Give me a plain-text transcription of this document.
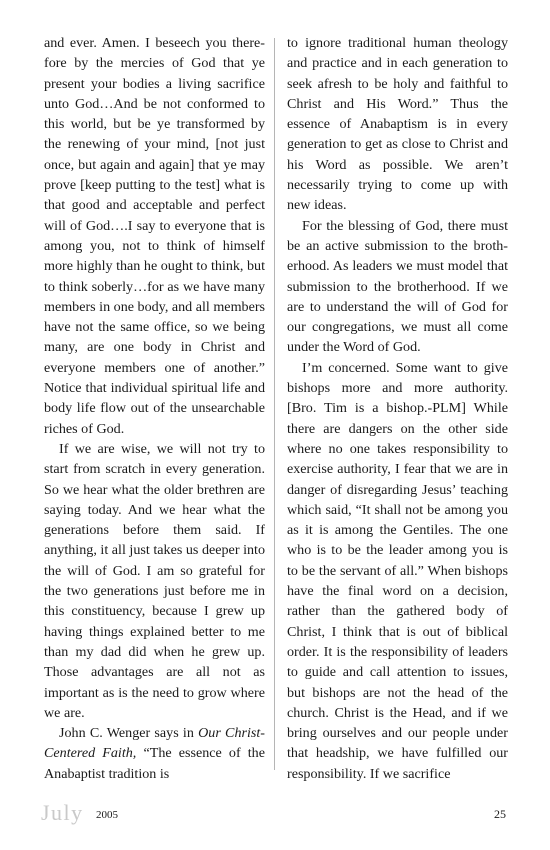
and ever. Amen. I beseech you therefore by the mercies of God that ye present your bodies a living sacrifice unto God…And be not conformed to this world, but be ye transformed by the renewing of your mind, [not just once, but again and again] that ye may prove [keep putting to the test] what is that good and acceptable and perfect will of God….I say to everyone that is among you, not to think of himself more highly than he ought to think, but to think soberly…for as we have many members in one body, and all members have not the same office, so we being many, are one body in Christ and everyone members one of another.” Notice that individual spiritual life and body life flow out of the unsearchable riches of God.

If we are wise, we will not try to start from scratch in every generation. So we hear what the older brethren are saying today. And we hear what the generations before them said. If anything, it all just takes us deeper into the will of God. I am so grateful for the two generations just before me in this constituency, because I grew up having things explained better to me than my dad did when he grew up. Those advantages are all not as important as is the need to grow where we are.

John C. Wenger says in Our Christ-Centered Faith, “The essence of the Anabaptist tradition is

to ignore traditional human theology and practice and in each generation to seek afresh to be holy and faithful to Christ and His Word.” Thus the essence of Anabaptism is in every generation to get as close to Christ and his Word as possible. We aren’t necessarily trying to come up with new ideas.

For the blessing of God, there must be an active submission to the brotherhood. As leaders we must model that submission to the brotherhood. If we are to understand the will of God for our congregations, we must all come under the Word of God.

I’m concerned. Some want to give bishops more and more authority. [Bro. Tim is a bishop.-PLM] While there are dangers on the other side where no one takes responsibility to exercise authority, I fear that we are in danger of disregarding Jesus’ teaching which said, “It shall not be among you as it is among the Gentiles. The one who is to be the leader among you is to be the servant of all.” When bishops have the final word on a decision, rather than the gathered body of Christ, I think that is out of biblical order. It is the responsibility of leaders to guide and call attention to issues, but bishops are not the head of the church. Christ is the Head, and if we bring ourselves and our people under that headship, we have fulfilled our responsibility. If we sacrifice

July 2005	25
